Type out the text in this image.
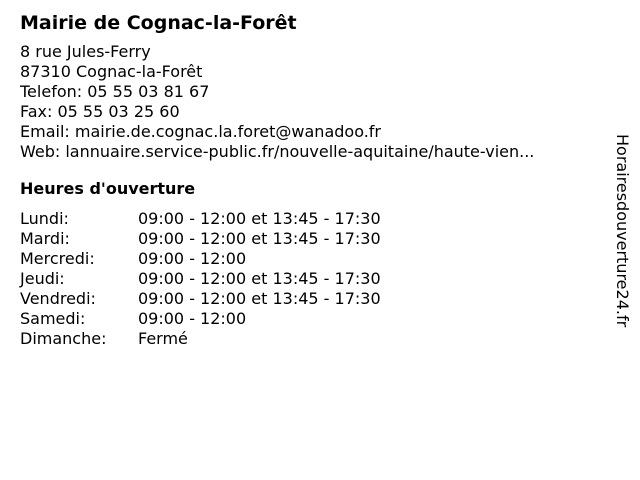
Mairie de Cognac-la-Forêt
8 rue Jules-Ferry
87310 Cognac-la-Forêt
Telefon: 05 55 03 81 67
Fax: 05 55 03 25 60
Email: mairie.de.cognac.la.foret@wanadoo.fr
Web: lannuaire.service-public.fr/nouvelle-aquitaine/haute-vien...
Heures d'ouverture
Lundi:	09:00 - 12:00 et 13:45 - 17:30
Mardi:	09:00 - 12:00 et 13:45 - 17:30
Mercredi:	09:00 - 12:00
Jeudi:	09:00 - 12:00 et 13:45 - 17:30
Vendredi:	09:00 - 12:00 et 13:45 - 17:30
Samedi:	09:00 - 12:00
Dimanche:	Fermé
Horairesdouverture24.fr
